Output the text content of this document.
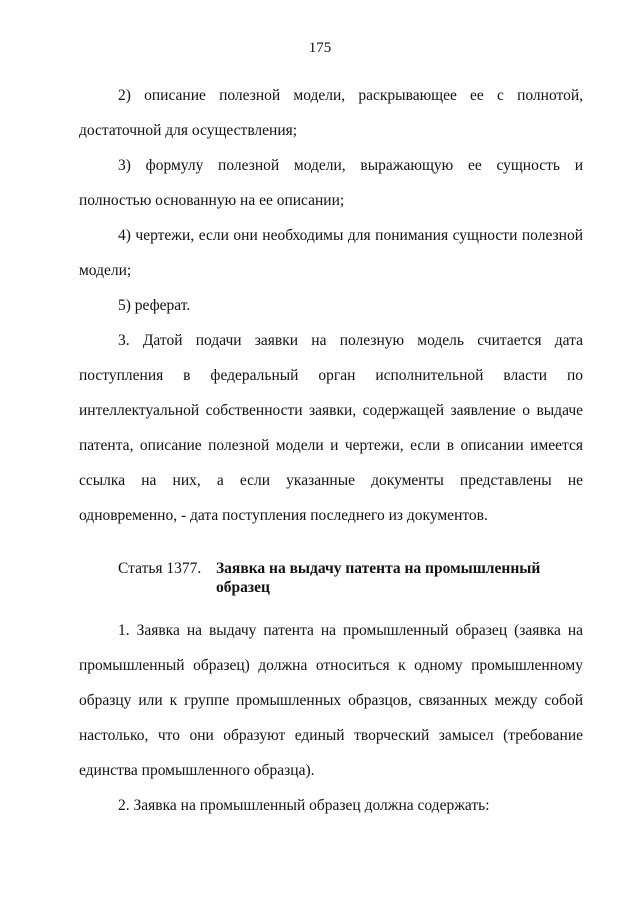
175

2) описание полезной модели, раскрывающее ее с полнотой, достаточной для осуществления;

3) формулу полезной модели, выражающую ее сущность и полностью основанную на ее описании;

4) чертежи, если они необходимы для понимания сущности полезной модели;

5) реферат.

3. Датой подачи заявки на полезную модель считается дата поступления в федеральный орган исполнительной власти по интеллектуальной собственности заявки, содержащей заявление о выдаче патента, описание полезной модели и чертежи, если в описании имеется ссылка на них, а если указанные документы представлены не одновременно, - дата поступления последнего из документов.

Статья 1377. Заявка на выдачу патента на промышленный образец

1. Заявка на выдачу патента на промышленный образец (заявка на промышленный образец) должна относиться к одному промышленному образцу или к группе промышленных образцов, связанных между собой настолько, что они образуют единый творческий замысел (требование единства промышленного образца).

2. Заявка на промышленный образец должна содержать:
